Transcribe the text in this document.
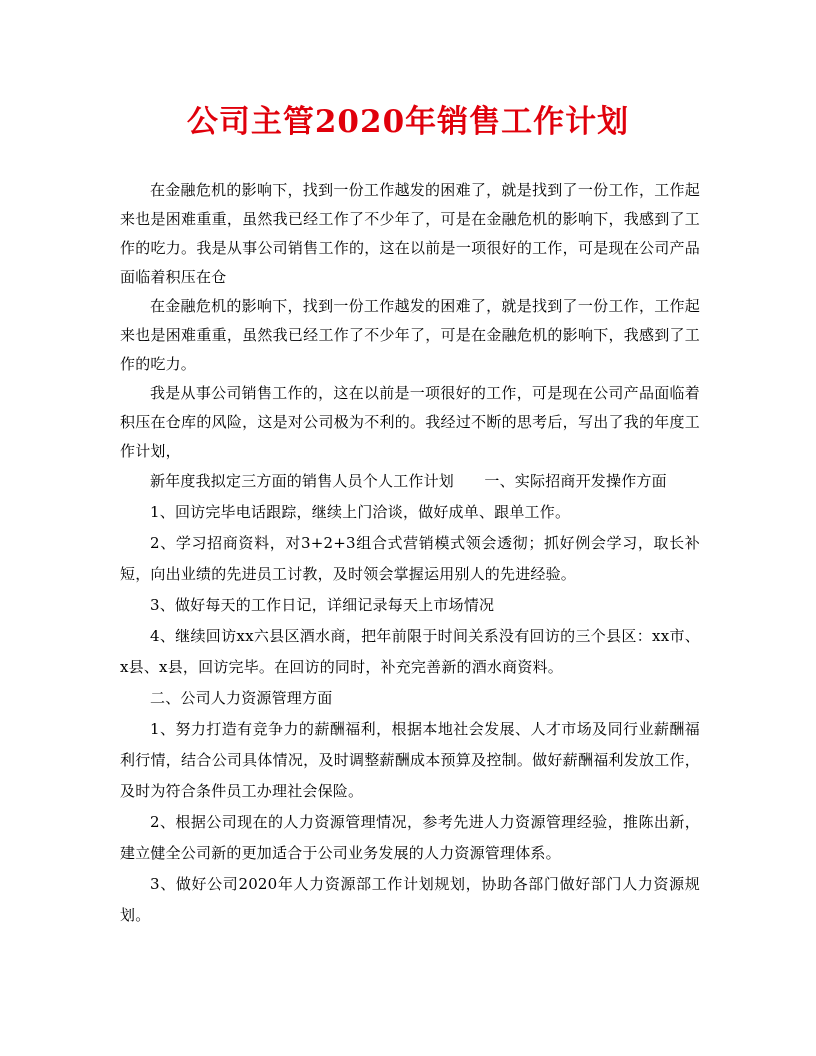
公司主管2020年销售工作计划

在金融危机的影响下，找到一份工作越发的困难了，就是找到了一份工作，工作起来也是困难重重，虽然我已经工作了不少年了，可是在金融危机的影响下，我感到了工作的吃力。我是从事公司销售工作的，这在以前是一项很好的工作，可是现在公司产品面临着积压在仓

在金融危机的影响下，找到一份工作越发的困难了，就是找到了一份工作，工作起来也是困难重重，虽然我已经工作了不少年了，可是在金融危机的影响下，我感到了工作的吃力。

我是从事公司销售工作的，这在以前是一项很好的工作，可是现在公司产品面临着积压在仓库的风险，这是对公司极为不利的。我经过不断的思考后，写出了我的年度工作计划，

新年度我拟定三方面的销售人员个人工作计划　　一、实际招商开发操作方面

1、回访完毕电话跟踪，继续上门洽谈，做好成单、跟单工作。

2、学习招商资料，对3+2+3组合式营销模式领会透彻；抓好例会学习，取长补短，向出业绩的先进员工讨教，及时领会掌握运用别人的先进经验。

3、做好每天的工作日记，详细记录每天上市场情况

4、继续回访xx六县区酒水商，把年前限于时间关系没有回访的三个县区：xx市、x县、x县，回访完毕。在回访的同时，补充完善新的酒水商资料。

二、公司人力资源管理方面

1、努力打造有竞争力的薪酬福利，根据本地社会发展、人才市场及同行业薪酬福利行情，结合公司具体情况，及时调整薪酬成本预算及控制。做好薪酬福利发放工作，及时为符合条件员工办理社会保险。

2、根据公司现在的人力资源管理情况，参考先进人力资源管理经验，推陈出新，建立健全公司新的更加适合于公司业务发展的人力资源管理体系。

3、做好公司2020年人力资源部工作计划规划，协助各部门做好部门人力资源规划。
